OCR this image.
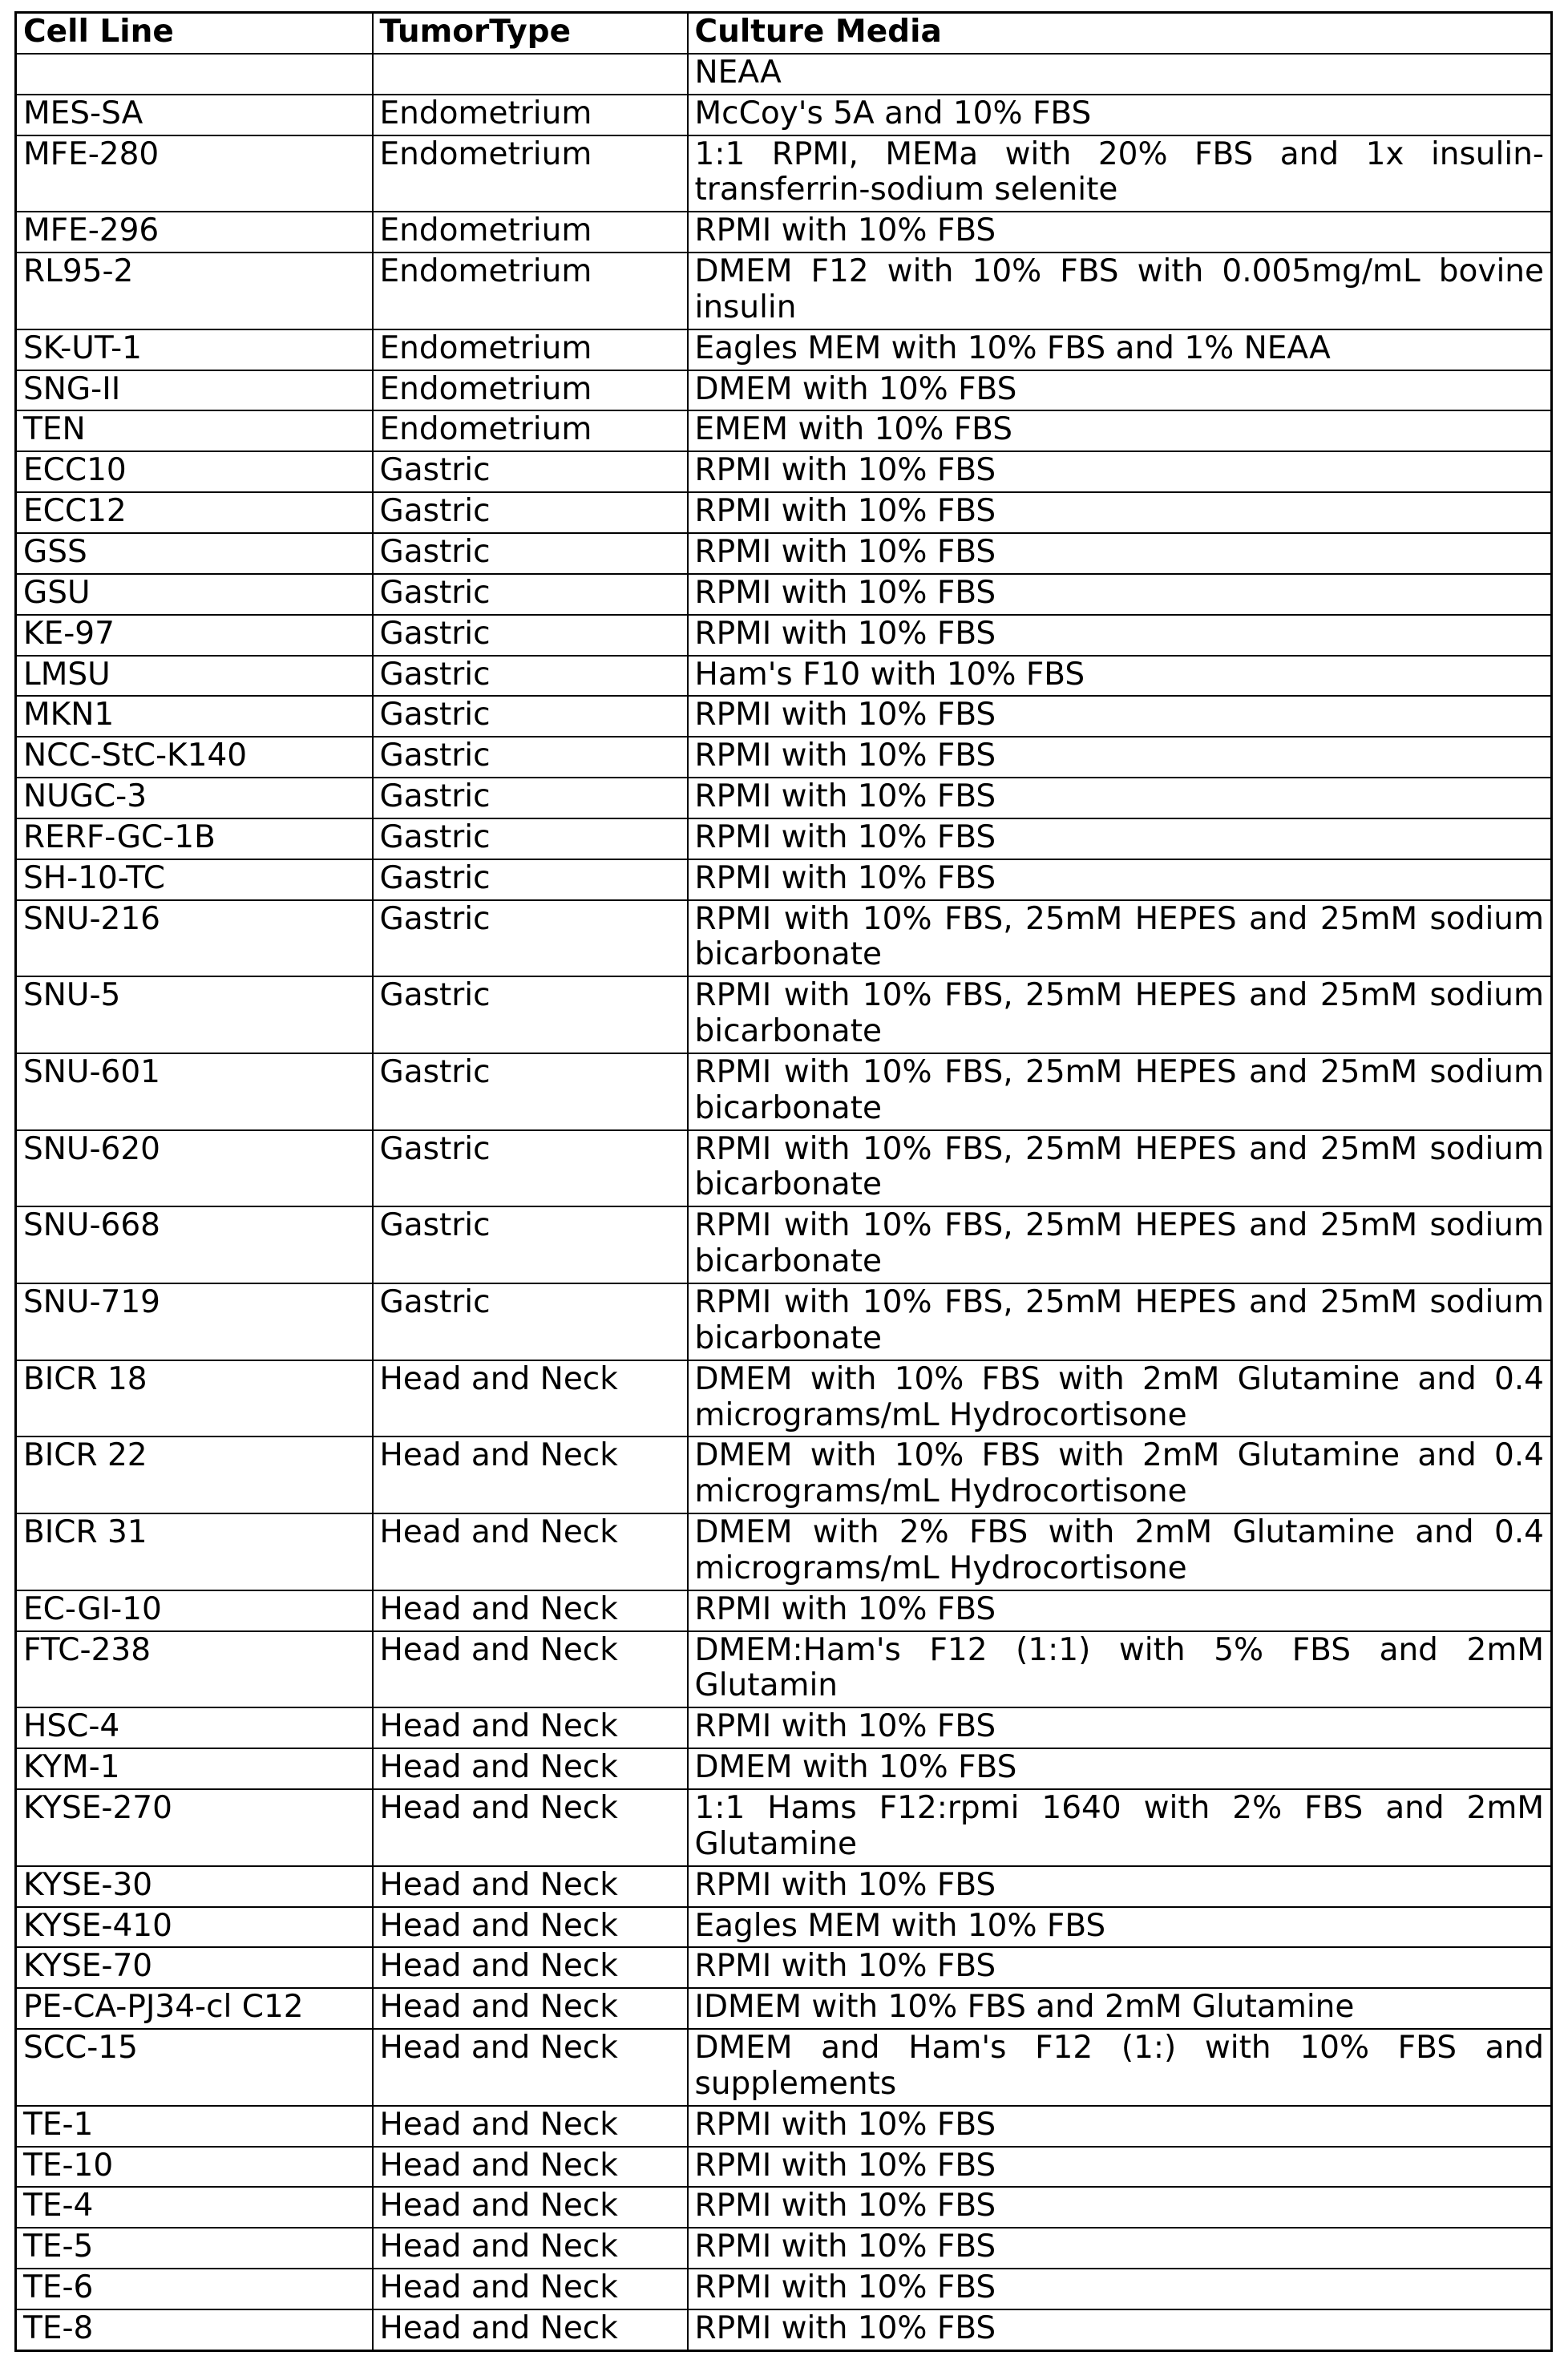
Cell Line	TumorType	Culture Media
		NEAA
MES-SA	Endometrium	McCoy's 5A and 10% FBS
MFE-280	Endometrium	1:1 RPMI, MEMa with 20% FBS and 1x insulin-transferrin-sodium selenite
MFE-296	Endometrium	RPMI with 10% FBS
RL95-2	Endometrium	DMEM F12 with 10% FBS with 0.005mg/mL bovine insulin
SK-UT-1	Endometrium	Eagles MEM with 10% FBS and 1% NEAA
SNG-II	Endometrium	DMEM with 10% FBS
TEN	Endometrium	EMEM with 10% FBS
ECC10	Gastric	RPMI with 10% FBS
ECC12	Gastric	RPMI with 10% FBS
GSS	Gastric	RPMI with 10% FBS
GSU	Gastric	RPMI with 10% FBS
KE-97	Gastric	RPMI with 10% FBS
LMSU	Gastric	Ham's F10 with 10% FBS
MKN1	Gastric	RPMI with 10% FBS
NCC-StC-K140	Gastric	RPMI with 10% FBS
NUGC-3	Gastric	RPMI with 10% FBS
RERF-GC-1B	Gastric	RPMI with 10% FBS
SH-10-TC	Gastric	RPMI with 10% FBS
SNU-216	Gastric	RPMI with 10% FBS, 25mM HEPES and 25mM sodium bicarbonate
SNU-5	Gastric	RPMI with 10% FBS, 25mM HEPES and 25mM sodium bicarbonate
SNU-601	Gastric	RPMI with 10% FBS, 25mM HEPES and 25mM sodium bicarbonate
SNU-620	Gastric	RPMI with 10% FBS, 25mM HEPES and 25mM sodium bicarbonate
SNU-668	Gastric	RPMI with 10% FBS, 25mM HEPES and 25mM sodium bicarbonate
SNU-719	Gastric	RPMI with 10% FBS, 25mM HEPES and 25mM sodium bicarbonate
BICR 18	Head and Neck	DMEM with 10% FBS with 2mM Glutamine and 0.4 micrograms/mL Hydrocortisone
BICR 22	Head and Neck	DMEM with 10% FBS with 2mM Glutamine and 0.4 micrograms/mL Hydrocortisone
BICR 31	Head and Neck	DMEM with 2% FBS with 2mM Glutamine and 0.4 micrograms/mL Hydrocortisone
EC-GI-10	Head and Neck	RPMI with 10% FBS
FTC-238	Head and Neck	DMEM:Ham's F12 (1:1) with 5% FBS and 2mM Glutamin
HSC-4	Head and Neck	RPMI with 10% FBS
KYM-1	Head and Neck	DMEM with 10% FBS
KYSE-270	Head and Neck	1:1 Hams F12:rpmi 1640 with 2% FBS and 2mM Glutamine
KYSE-30	Head and Neck	RPMI with 10% FBS
KYSE-410	Head and Neck	Eagles MEM with 10% FBS
KYSE-70	Head and Neck	RPMI with 10% FBS
PE-CA-PJ34-cl C12	Head and Neck	IDMEM with 10% FBS and 2mM Glutamine
SCC-15	Head and Neck	DMEM and Ham's F12 (1:) with 10% FBS and supplements
TE-1	Head and Neck	RPMI with 10% FBS
TE-10	Head and Neck	RPMI with 10% FBS
TE-4	Head and Neck	RPMI with 10% FBS
TE-5	Head and Neck	RPMI with 10% FBS
TE-6	Head and Neck	RPMI with 10% FBS
TE-8	Head and Neck	RPMI with 10% FBS
